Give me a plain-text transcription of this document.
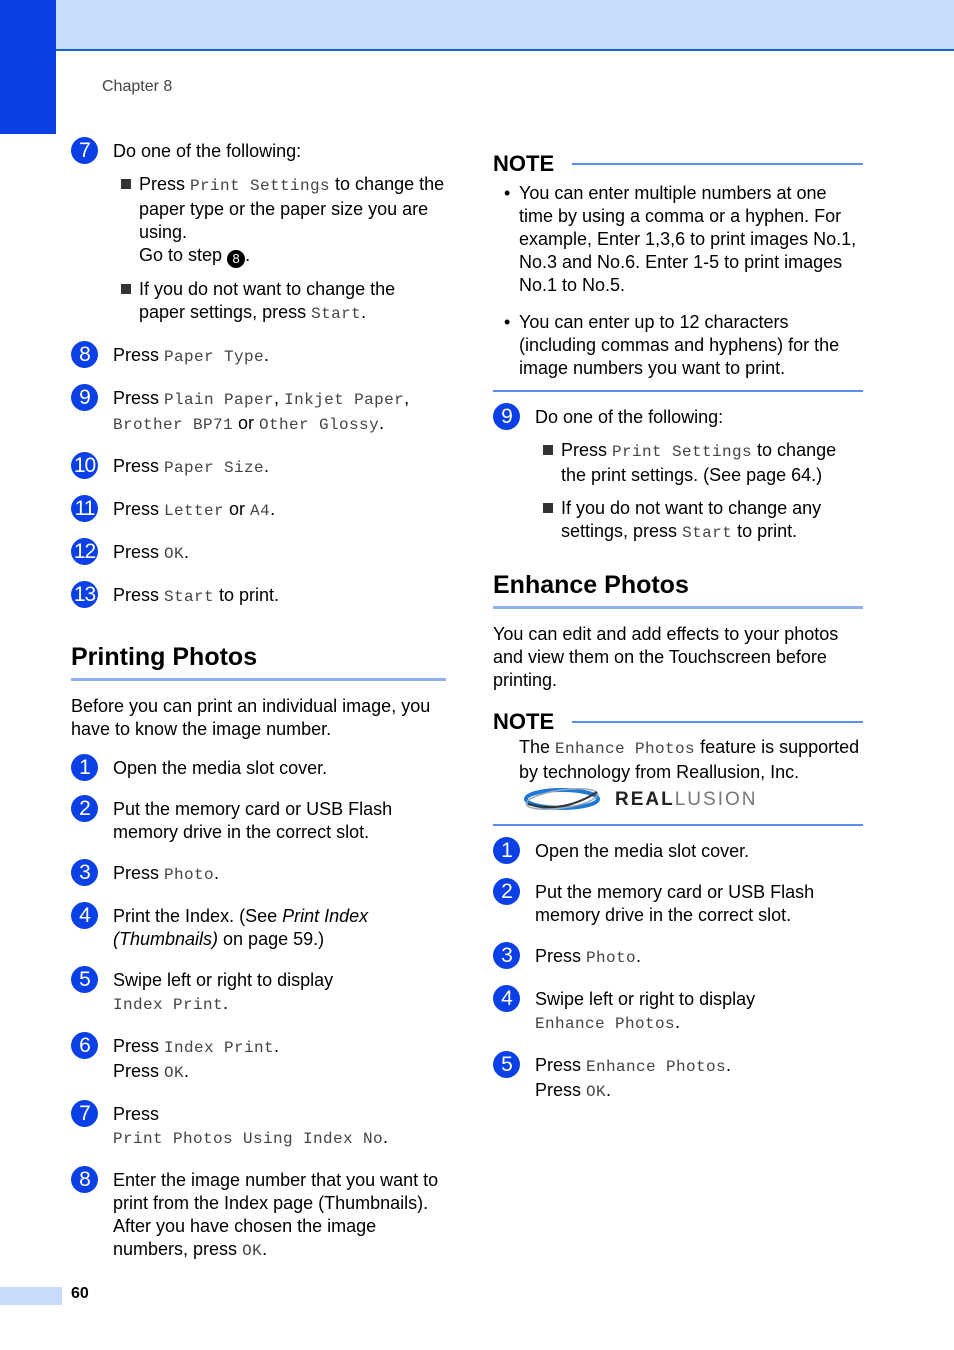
Chapter 8
7	Do one of the following:
Press Print Settings to change the paper type or the paper size you are using.
Go to step 8 .
If you do not want to change the paper settings, press Start.
8	Press Paper Type.
9	Press Plain Paper, Inkjet Paper,
Brother BP71 or Other Glossy.
10 Press Paper Size.
11 Press Letter or A4.
12 Press OK.
13 Press Start to print.
Printing Photos
Before you can print an individual image, you have to know the image number.
1	Open the media slot cover.
2	Put the memory card or USB Flash memory drive in the correct slot.
3	Press Photo.
4	Print the Index. (See Print Index (Thumbnails) on page 59.)
5	Swipe left or right to display
Index Print.
6	Press Index Print.
Press OK.
7	Press
Print Photos Using Index No.
8	Enter the image number that you want to print from the Index page (Thumbnails). After you have chosen the image numbers, press OK.
NOTE
• You can enter multiple numbers at one time by using a comma or a hyphen. For example, Enter 1,3,6 to print images No.1, No.3 and No.6. Enter 1-5 to print images No.1 to No.5.
• You can enter up to 12 characters (including commas and hyphens) for the image numbers you want to print.
9	Do one of the following:
Press Print Settings to change the print settings. (See page 64.)
If you do not want to change any settings, press Start to print.
Enhance Photos
You can edit and add effects to your photos and view them on the Touchscreen before printing.
NOTE
The Enhance Photos feature is supported by technology from Reallusion, Inc.
REALLUSION
1	Open the media slot cover.
2	Put the memory card or USB Flash memory drive in the correct slot.
3	Press Photo.
4	Swipe left or right to display
Enhance Photos.
5	Press Enhance Photos.
Press OK.
60
